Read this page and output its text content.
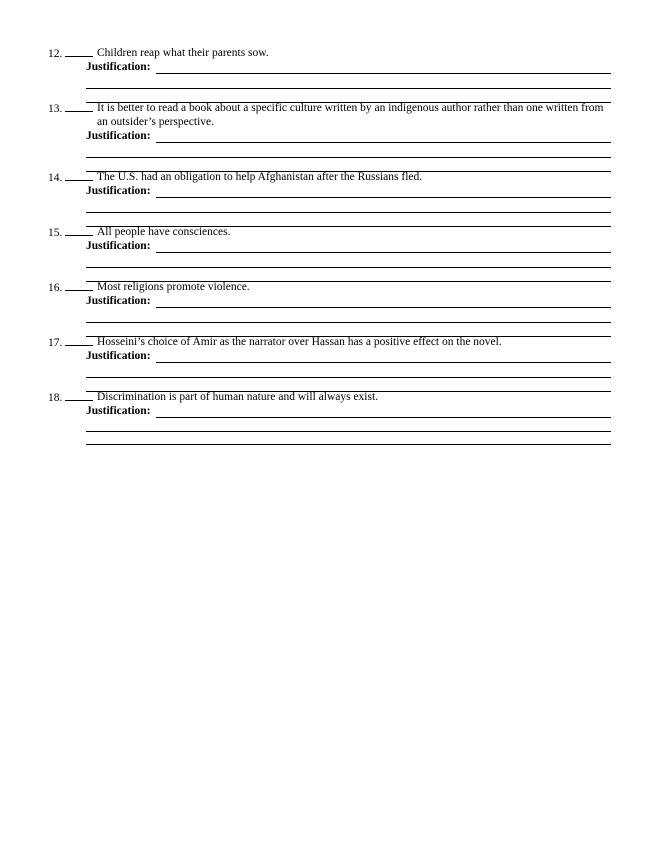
12.	Children reap what their parents sow.
Justification:
13.	It is better to read a book about a specific culture written by an indigenous author rather than one written from an outsider’s perspective.
Justification:
14.	The U.S. had an obligation to help Afghanistan after the Russians fled.
Justification:
15.	All people have consciences.
Justification:
16.	Most religions promote violence.
Justification:
17.	Hosseini’s choice of Amir as the narrator over Hassan has a positive effect on the novel.
Justification:
18.	Discrimination is part of human nature and will always exist.
Justification:
